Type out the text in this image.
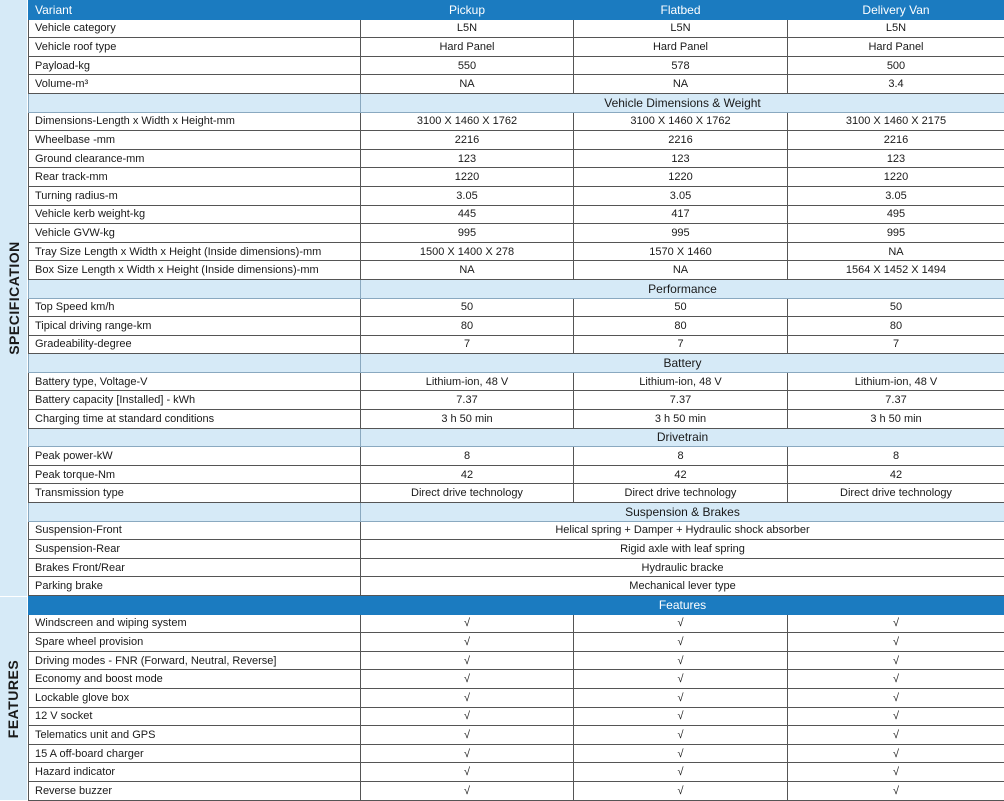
SPECIFICATION
FEATURES
Variant	Pickup	Flatbed	Delivery Van
Vehicle category	L5N	L5N	L5N
Vehicle roof type	Hard Panel	Hard Panel	Hard Panel
Payload-kg	550	578	500
Volume-m³	NA	NA	3.4
	Vehicle Dimensions & Weight		
Dimensions-Length x Width x Height-mm	3100 X 1460 X 1762	3100 X 1460 X 1762	3100 X 1460 X 2175
Wheelbase -mm	2216	2216	2216
Ground clearance-mm	123	123	123
Rear track-mm	1220	1220	1220
Turning radius-m	3.05	3.05	3.05
Vehicle kerb weight-kg	445	417	495
Vehicle GVW-kg	995	995	995
Tray Size Length x Width x Height (Inside dimensions)-mm	1500 X 1400 X 278	1570 X 1460	NA
Box Size Length x Width x Height (Inside dimensions)-mm	NA	NA	1564 X 1452 X 1494
	Performance		
Top Speed km/h	50	50	50
Tipical driving range-km	80	80	80
Gradeability-degree	7	7	7
	Battery		
Battery type, Voltage-V	Lithium-ion, 48 V	Lithium-ion, 48 V	Lithium-ion, 48 V
Battery capacity [Installed] - kWh	7.37	7.37	7.37
Charging time at standard conditions	3 h 50 min	3 h 50 min	3 h 50 min
	Drivetrain		
Peak power-kW	8	8	8
Peak torque-Nm	42	42	42
Transmission type	Direct drive technology	Direct drive technology	Direct drive technology
	Suspension & Brakes		
Suspension-Front	Helical spring + Damper + Hydraulic shock absorber		
Suspension-Rear	Rigid axle with leaf spring		
Brakes Front/Rear	Hydraulic bracke		
Parking brake	Mechanical lever type		
	Features		
Windscreen and wiping system	√	√	√
Spare wheel provision	√	√	√
Driving modes - FNR (Forward, Neutral, Reverse]	√	√	√
Economy and boost mode	√	√	√
Lockable glove box	√	√	√
12 V socket	√	√	√
Telematics unit and GPS	√	√	√
15 A off-board charger	√	√	√
Hazard indicator	√	√	√
Reverse buzzer	√	√	√
